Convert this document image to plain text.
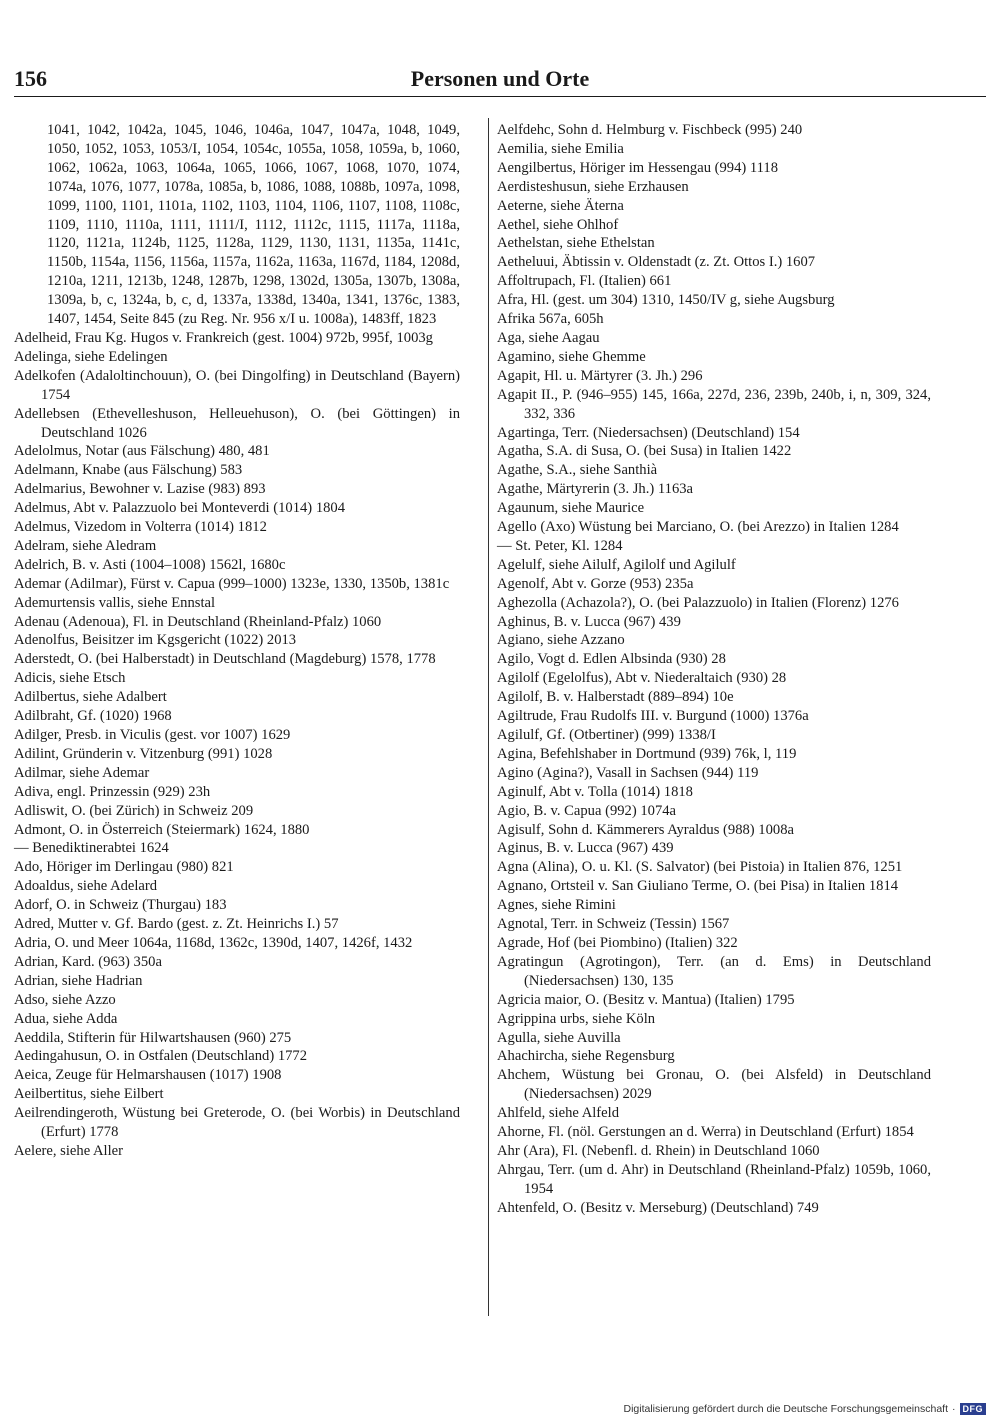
156	Personen und Orte

1041, 1042, 1042a, 1045, 1046, 1046a, 1047, 1047a, 1048, 1049, 1050, 1052, 1053, 1053/I, 1054, 1054c, 1055a, 1058, 1059a, b, 1060, 1062, 1062a, 1063, 1064a, 1065, 1066, 1067, 1068, 1070, 1074, 1074a, 1076, 1077, 1078a, 1085a, b, 1086, 1088, 1088b, 1097a, 1098, 1099, 1100, 1101, 1101a, 1102, 1103, 1104, 1106, 1107, 1108, 1108c, 1109, 1110, 1110a, 1111, 1111/I, 1112, 1112c, 1115, 1117a, 1118a, 1120, 1121a, 1124b, 1125, 1128a, 1129, 1130, 1131, 1135a, 1141c, 1150b, 1154a, 1156, 1156a, 1157a, 1162a, 1163a, 1167d, 1184, 1208d, 1210a, 1211, 1213b, 1248, 1287b, 1298, 1302d, 1305a, 1307b, 1308a, 1309a, b, c, 1324a, b, c, d, 1337a, 1338d, 1340a, 1341, 1376c, 1383, 1407, 1454, Seite 845 (zu Reg. Nr. 956 x/I u. 1008a), 1483ff, 1823

Adelheid, Frau Kg. Hugos v. Frankreich (gest. 1004) 972b, 995f, 1003g

Adelinga, siehe Edelingen

Adelkofen (Adaloltinchouun), O. (bei Dingolfing) in Deutschland (Bayern) 1754

Adellebsen (Ethevelleshuson, Helleuehuson), O. (bei Göttingen) in Deutschland 1026

Adelolmus, Notar (aus Fälschung) 480, 481

Adelmann, Knabe (aus Fälschung) 583

Adelmarius, Bewohner v. Lazise (983) 893

Adelmus, Abt v. Palazzuolo bei Monteverdi (1014) 1804

Adelmus, Vizedom in Volterra (1014) 1812

Adelram, siehe Aledram

Adelrich, B. v. Asti (1004–1008) 1562l, 1680c

Ademar (Adilmar), Fürst v. Capua (999–1000) 1323e, 1330, 1350b, 1381c

Ademurtensis vallis, siehe Ennstal

Adenau (Adenoua), Fl. in Deutschland (Rheinland-Pfalz) 1060

Adenolfus, Beisitzer im Kgsgericht (1022) 2013

Aderstedt, O. (bei Halberstadt) in Deutschland (Magdeburg) 1578, 1778

Adicis, siehe Etsch

Adilbertus, siehe Adalbert

Adilbraht, Gf. (1020) 1968

Adilger, Presb. in Viculis (gest. vor 1007) 1629

Adilint, Gründerin v. Vitzenburg (991) 1028

Adilmar, siehe Ademar

Adiva, engl. Prinzessin (929) 23h

Adliswit, O. (bei Zürich) in Schweiz 209

Admont, O. in Österreich (Steiermark) 1624, 1880

— Benediktinerabtei 1624

Ado, Höriger im Derlingau (980) 821

Adoaldus, siehe Adelard

Adorf, O. in Schweiz (Thurgau) 183

Adred, Mutter v. Gf. Bardo (gest. z. Zt. Heinrichs I.) 57

Adria, O. und Meer 1064a, 1168d, 1362c, 1390d, 1407, 1426f, 1432

Adrian, Kard. (963) 350a

Adrian, siehe Hadrian

Adso, siehe Azzo

Adua, siehe Adda

Aeddila, Stifterin für Hilwartshausen (960) 275

Aedingahusun, O. in Ostfalen (Deutschland) 1772

Aeica, Zeuge für Helmarshausen (1017) 1908

Aeilbertitus, siehe Eilbert

Aeilrendingeroth, Wüstung bei Greterode, O. (bei Worbis) in Deutschland (Erfurt) 1778

Aelere, siehe Aller

Aelfdehc, Sohn d. Helmburg v. Fischbeck (995) 240

Aemilia, siehe Emilia

Aengilbertus, Höriger im Hessengau (994) 1118

Aerdisteshusun, siehe Erzhausen

Aeterne, siehe Äterna

Aethel, siehe Ohlhof

Aethelstan, siehe Ethelstan

Aetheluui, Äbtissin v. Oldenstadt (z. Zt. Ottos I.) 1607

Affoltrupach, Fl. (Italien) 661

Afra, Hl. (gest. um 304) 1310, 1450/IV g, siehe Augsburg

Afrika 567a, 605h

Aga, siehe Aagau

Agamino, siehe Ghemme

Agapit, Hl. u. Märtyrer (3. Jh.) 296

Agapit II., P. (946–955) 145, 166a, 227d, 236, 239b, 240b, i, n, 309, 324, 332, 336

Agartinga, Terr. (Niedersachsen) (Deutschland) 154

Agatha, S.A. di Susa, O. (bei Susa) in Italien 1422

Agathe, S.A., siehe Santhià

Agathe, Märtyrerin (3. Jh.) 1163a

Agaunum, siehe Maurice

Agello (Axo) Wüstung bei Marciano, O. (bei Arezzo) in Italien 1284

— St. Peter, Kl. 1284

Agelulf, siehe Ailulf, Agilolf und Agilulf

Agenolf, Abt v. Gorze (953) 235a

Aghezolla (Achazola?), O. (bei Palazzuolo) in Italien (Florenz) 1276

Aghinus, B. v. Lucca (967) 439

Agiano, siehe Azzano

Agilo, Vogt d. Edlen Albsinda (930) 28

Agilolf (Egelolfus), Abt v. Niederaltaich (930) 28

Agilolf, B. v. Halberstadt (889–894) 10e

Agiltrude, Frau Rudolfs III. v. Burgund (1000) 1376a

Agilulf, Gf. (Otbertiner) (999) 1338/I

Agina, Befehlshaber in Dortmund (939) 76k, l, 119

Agino (Agina?), Vasall in Sachsen (944) 119

Aginulf, Abt v. Tolla (1014) 1818

Agio, B. v. Capua (992) 1074a

Agisulf, Sohn d. Kämmerers Ayraldus (988) 1008a

Aginus, B. v. Lucca (967) 439

Agna (Alina), O. u. Kl. (S. Salvator) (bei Pistoia) in Italien 876, 1251

Agnano, Ortsteil v. San Giuliano Terme, O. (bei Pisa) in Italien 1814

Agnes, siehe Rimini

Agnotal, Terr. in Schweiz (Tessin) 1567

Agrade, Hof (bei Piombino) (Italien) 322

Agratingun (Agrotingon), Terr. (an d. Ems) in Deutschland (Niedersachsen) 130, 135

Agricia maior, O. (Besitz v. Mantua) (Italien) 1795

Agrippina urbs, siehe Köln

Agulla, siehe Auvilla

Ahachircha, siehe Regensburg

Ahchem, Wüstung bei Gronau, O. (bei Alsfeld) in Deutschland (Niedersachsen) 2029

Ahlfeld, siehe Alfeld

Ahorne, Fl. (nöl. Gerstungen an d. Werra) in Deutschland (Erfurt) 1854

Ahr (Ara), Fl. (Nebenfl. d. Rhein) in Deutschland 1060

Ahrgau, Terr. (um d. Ahr) in Deutschland (Rheinland-Pfalz) 1059b, 1060, 1954

Ahtenfeld, O. (Besitz v. Merseburg) (Deutschland) 749

Digitalisierung gefördert durch die Deutsche Forschungsgemeinschaft · DFG
